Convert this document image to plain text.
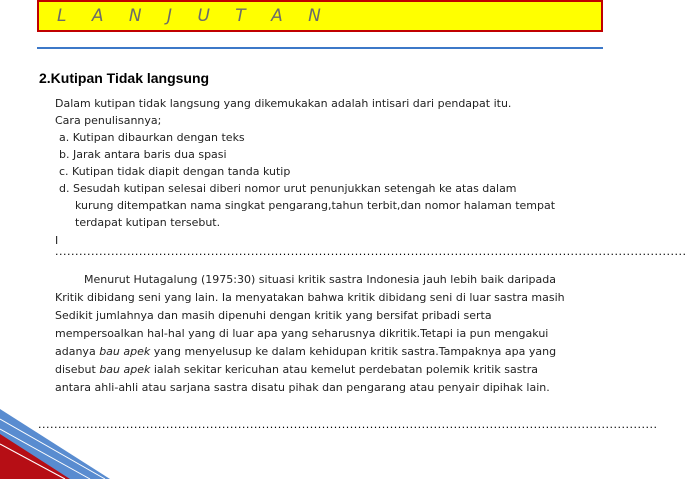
L A N J U T A N
2.Kutipan Tidak langsung
Dalam kutipan tidak langsung yang dikemukakan adalah intisari dari pendapat itu.
Cara penulisannya;
a. Kutipan dibaurkan dengan teks
b. Jarak antara baris dua spasi
c. Kutipan tidak diapit dengan tanda kutip
d. Sesudah kutipan selesai diberi nomor urut penunjukkan setengah ke atas dalam
kurung ditempatkan nama singkat pengarang,tahun terbit,dan nomor halaman tempat
terdapat kutipan tersebut.
I
..............................................................................................................................................................
Menurut Hutagalung (1975:30) situasi kritik sastra Indonesia jauh lebih baik daripada
Kritik dibidang seni yang lain. Ia menyatakan bahwa kritik dibidang seni di luar sastra masih
Sedikit jumlahnya dan masih dipenuhi dengan kritik yang bersifat pribadi serta
mempersoalkan hal-hal yang di luar apa yang seharusnya dikritik.Tetapi ia pun mengakui
adanya bau apek yang menyelusup ke dalam kehidupan kritik sastra.Tampaknya apa yang
disebut bau apek ialah sekitar kericuhan atau kemelut perdebatan polemik kritik sastra
antara ahli-ahli atau sarjana sastra disatu pihak dan pengarang atau penyair dipihak lain.
...........................................................................................................................................................
